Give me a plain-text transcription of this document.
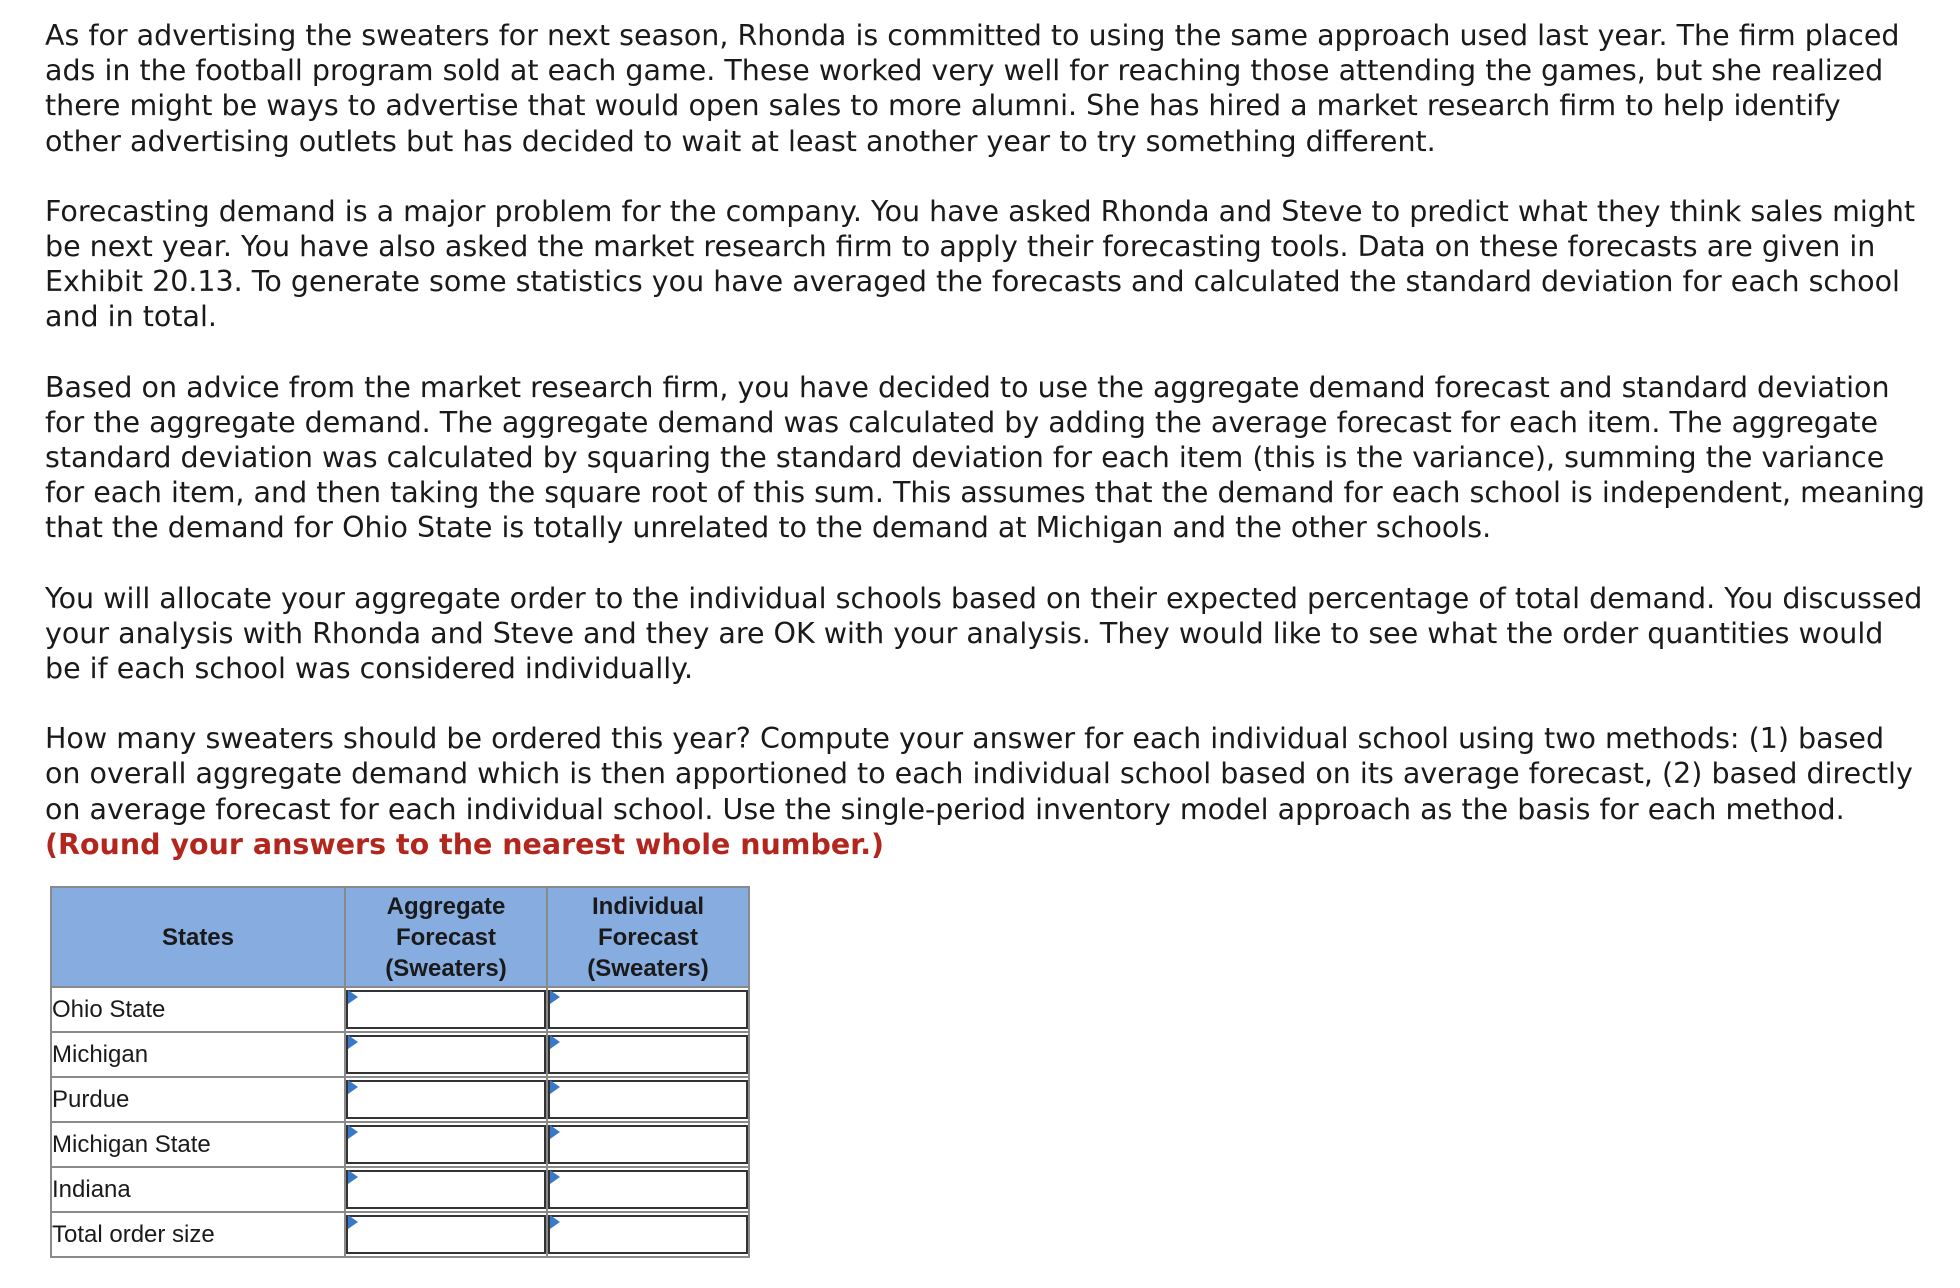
As for advertising the sweaters for next season, Rhonda is committed to using the same approach used last year. The firm placed ads in the football program sold at each game. These worked very well for reaching those attending the games, but she realized there might be ways to advertise that would open sales to more alumni. She has hired a market research firm to help identify other advertising outlets but has decided to wait at least another year to try something different.

Forecasting demand is a major problem for the company. You have asked Rhonda and Steve to predict what they think sales might be next year. You have also asked the market research firm to apply their forecasting tools. Data on these forecasts are given in Exhibit 20.13. To generate some statistics you have averaged the forecasts and calculated the standard deviation for each school and in total.

Based on advice from the market research firm, you have decided to use the aggregate demand forecast and standard deviation for the aggregate demand. The aggregate demand was calculated by adding the average forecast for each item. The aggregate standard deviation was calculated by squaring the standard deviation for each item (this is the variance), summing the variance for each item, and then taking the square root of this sum. This assumes that the demand for each school is independent, meaning that the demand for Ohio State is totally unrelated to the demand at Michigan and the other schools.

You will allocate your aggregate order to the individual schools based on their expected percentage of total demand. You discussed your analysis with Rhonda and Steve and they are OK with your analysis. They would like to see what the order quantities would be if each school was considered individually.

How many sweaters should be ordered this year? Compute your answer for each individual school using two methods: (1) based on overall aggregate demand which is then apportioned to each individual school based on its average forecast, (2) based directly on average forecast for each individual school. Use the single-period inventory model approach as the basis for each method. (Round your answers to the nearest whole number.)

States	Aggregate
Forecast
(Sweaters)	Individual
Forecast
(Sweaters)
Ohio State	

Michigan	

Purdue	

Michigan State	

Indiana	

Total order size	
